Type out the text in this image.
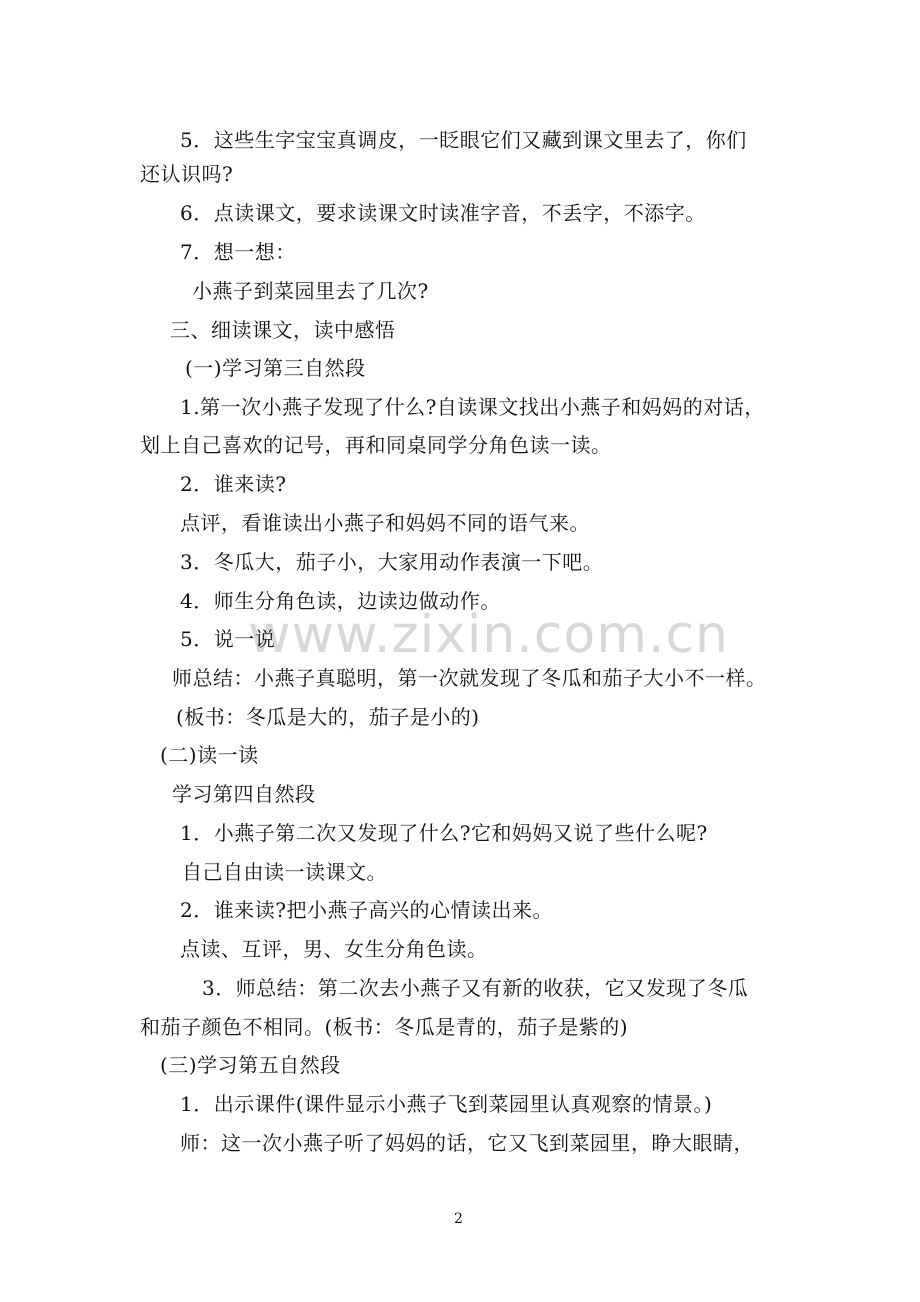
www.zixin.com.cn
5．这些生字宝宝真调皮，一眨眼它们又藏到课文里去了，你们
还认识吗?
6．点读课文，要求读课文时读准字音，不丢字，不添字。
7．想一想：
小燕子到菜园里去了几次?
三、细读课文，读中感悟
(一)学习第三自然段
1.第一次小燕子发现了什么?自读课文找出小燕子和妈妈的对话，
划上自己喜欢的记号，再和同桌同学分角色读一读。
2．谁来读?
点评，看谁读出小燕子和妈妈不同的语气来。
3．冬瓜大，茄子小，大家用动作表演一下吧。
4．师生分角色读，边读边做动作。
5．说一说
师总结：小燕子真聪明，第一次就发现了冬瓜和茄子大小不一样。
(板书：冬瓜是大的，茄子是小的)
(二)读一读
学习第四自然段
1．小燕子第二次又发现了什么?它和妈妈又说了些什么呢?
自己自由读一读课文。
2．谁来读?把小燕子高兴的心情读出来。
点读、互评，男、女生分角色读。
3．师总结：第二次去小燕子又有新的收获，它又发现了冬瓜
和茄子颜色不相同。(板书：冬瓜是青的，茄子是紫的)
(三)学习第五自然段
1．出示课件(课件显示小燕子飞到菜园里认真观察的情景。)
师：这一次小燕子听了妈妈的话，它又飞到菜园里，睁大眼睛，
2
